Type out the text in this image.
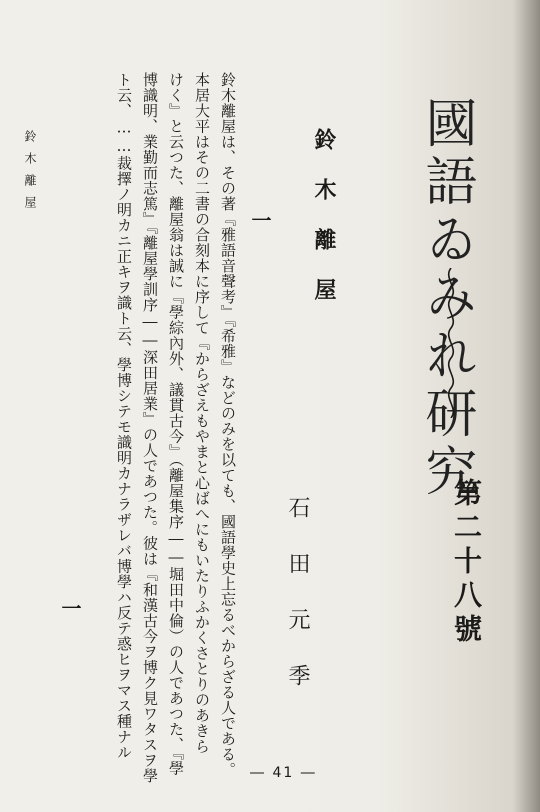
國語ゐみれ研究
第二十八號
鈴木離屋
一
石田元季
鈴木離屋は、その著『雅語音聲考』『希雅』などのみを以ても、國語學史上忘るべからざる人である。
本居大平はその二書の合刻本に序して『からざえもやまと心ばへにもいたりふかくさとりのあきら
けく』と云つた、離屋翁は誠に『學綜內外、議貫古今』（離屋集序――堀田中倫）の人であつた、『學
博識明、業勤而志篤』『離屋學訓序――深田居業』の人であつた。彼は『和漢古今ヲ博ク見ワタスヲ學
ト云、……裁擇ノ明カニ正キヲ識ト云、學博シテモ識明カナラザレバ博學ハ反テ惑ヒヲマス種ナル
一
鈴木離屋
― 41 ―
